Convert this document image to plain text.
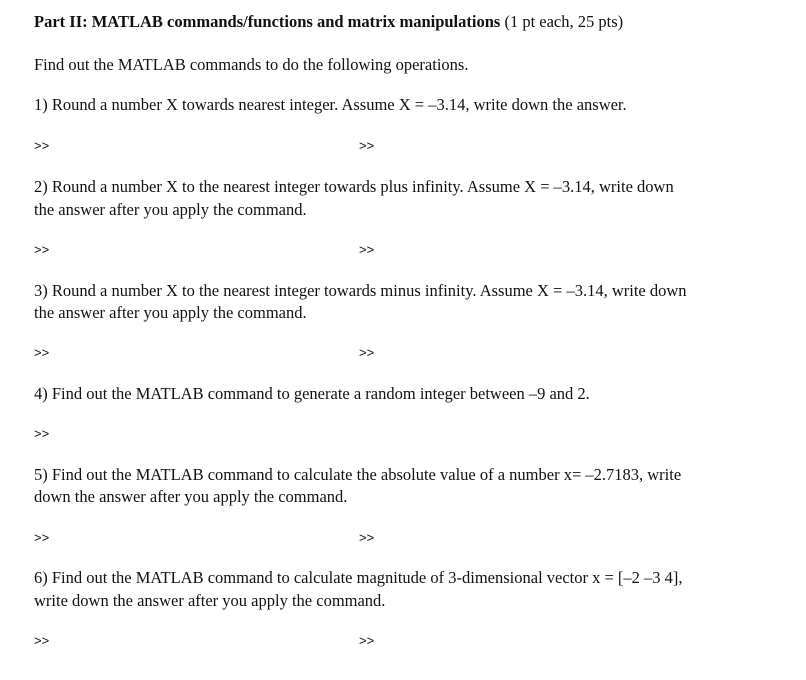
Part II: MATLAB commands/functions and matrix manipulations (1 pt each, 25 pts)
Find out the MATLAB commands to do the following operations.
1) Round a number X towards nearest integer. Assume X = –3.14, write down the answer.
>>	>>
2) Round a number X to the nearest integer towards plus infinity. Assume X = –3.14, write down
the answer after you apply the command.
>>	>>
3) Round a number X to the nearest integer towards minus infinity. Assume X = –3.14, write down
the answer after you apply the command.
>>	>>
4) Find out the MATLAB command to generate a random integer between –9 and 2.
>>
5) Find out the MATLAB command to calculate the absolute value of a number x= –2.7183, write
down the answer after you apply the command.
>>	>>
6) Find out the MATLAB command to calculate magnitude of 3-dimensional vector x = [–2 –3 4],
write down the answer after you apply the command.
>>	>>
